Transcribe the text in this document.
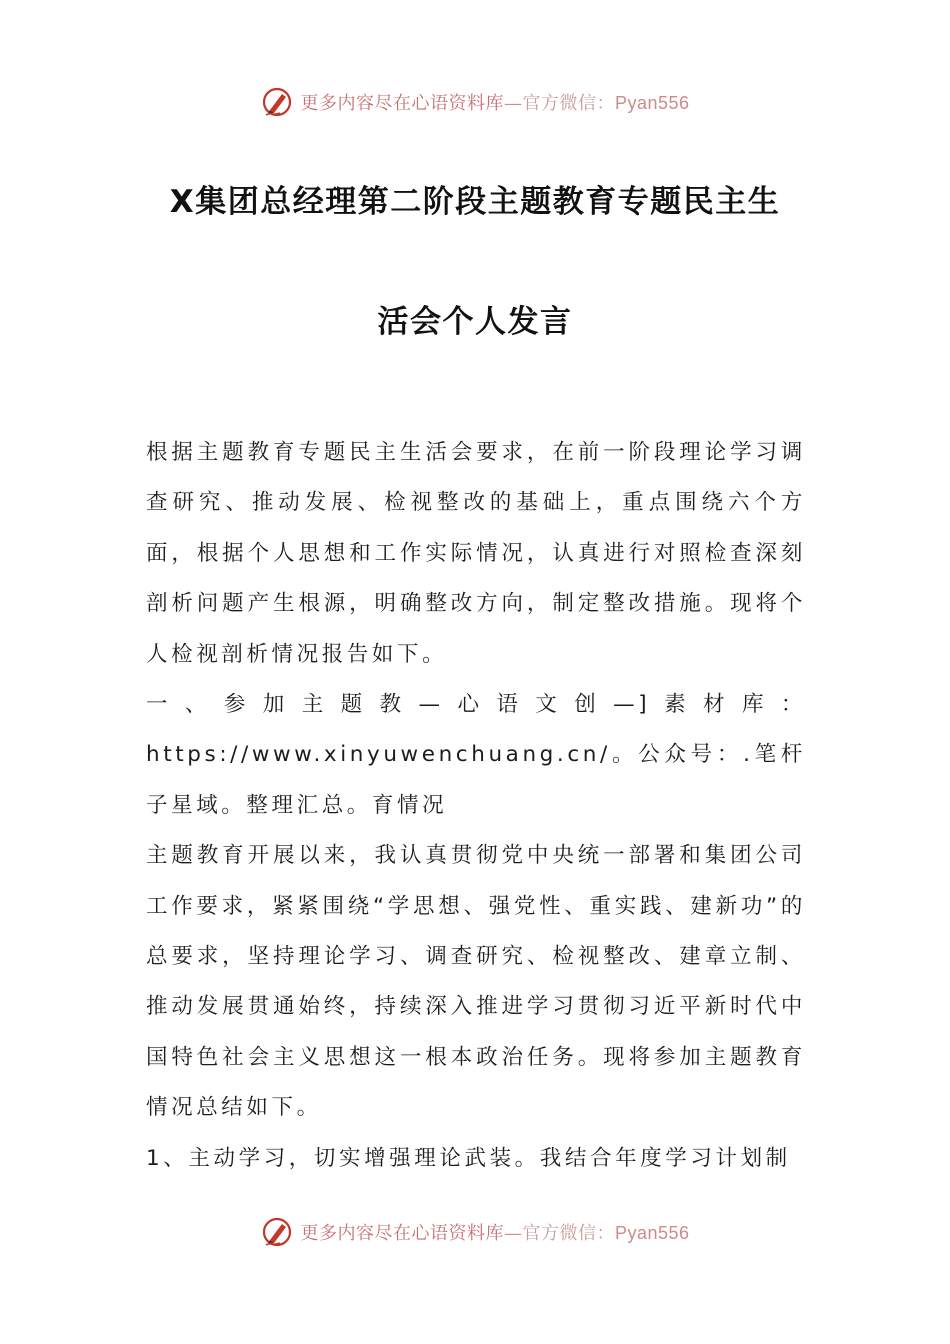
更多内容尽在心语资料库—官方微信：Pyan556
X集团总经理第二阶段主题教育专题民主生
活会个人发言

根据主题教育专题民主生活会要求，在前一阶段理论学习调查研究、推动发展、检视整改的基础上，重点围绕六个方面，根据个人思想和工作实际情况，认真进行对照检查深刻剖析问题产生根源，明确整改方向，制定整改措施。现将个人检视剖析情况报告如下。

一、参加主题教—心语文创—]素材库：https://www.xinyuwenchuang.cn/。公众号：.笔杆子星域。整理汇总。育情况

主题教育开展以来，我认真贯彻党中央统一部署和集团公司工作要求，紧紧围绕“学思想、强党性、重实践、建新功”的总要求，坚持理论学习、调查研究、检视整改、建章立制、推动发展贯通始终，持续深入推进学习贯彻习近平新时代中国特色社会主义思想这一根本政治任务。现将参加主题教育情况总结如下。

1、主动学习，切实增强理论武装。我结合年度学习计划制

更多内容尽在心语资料库—官方微信：Pyan556
